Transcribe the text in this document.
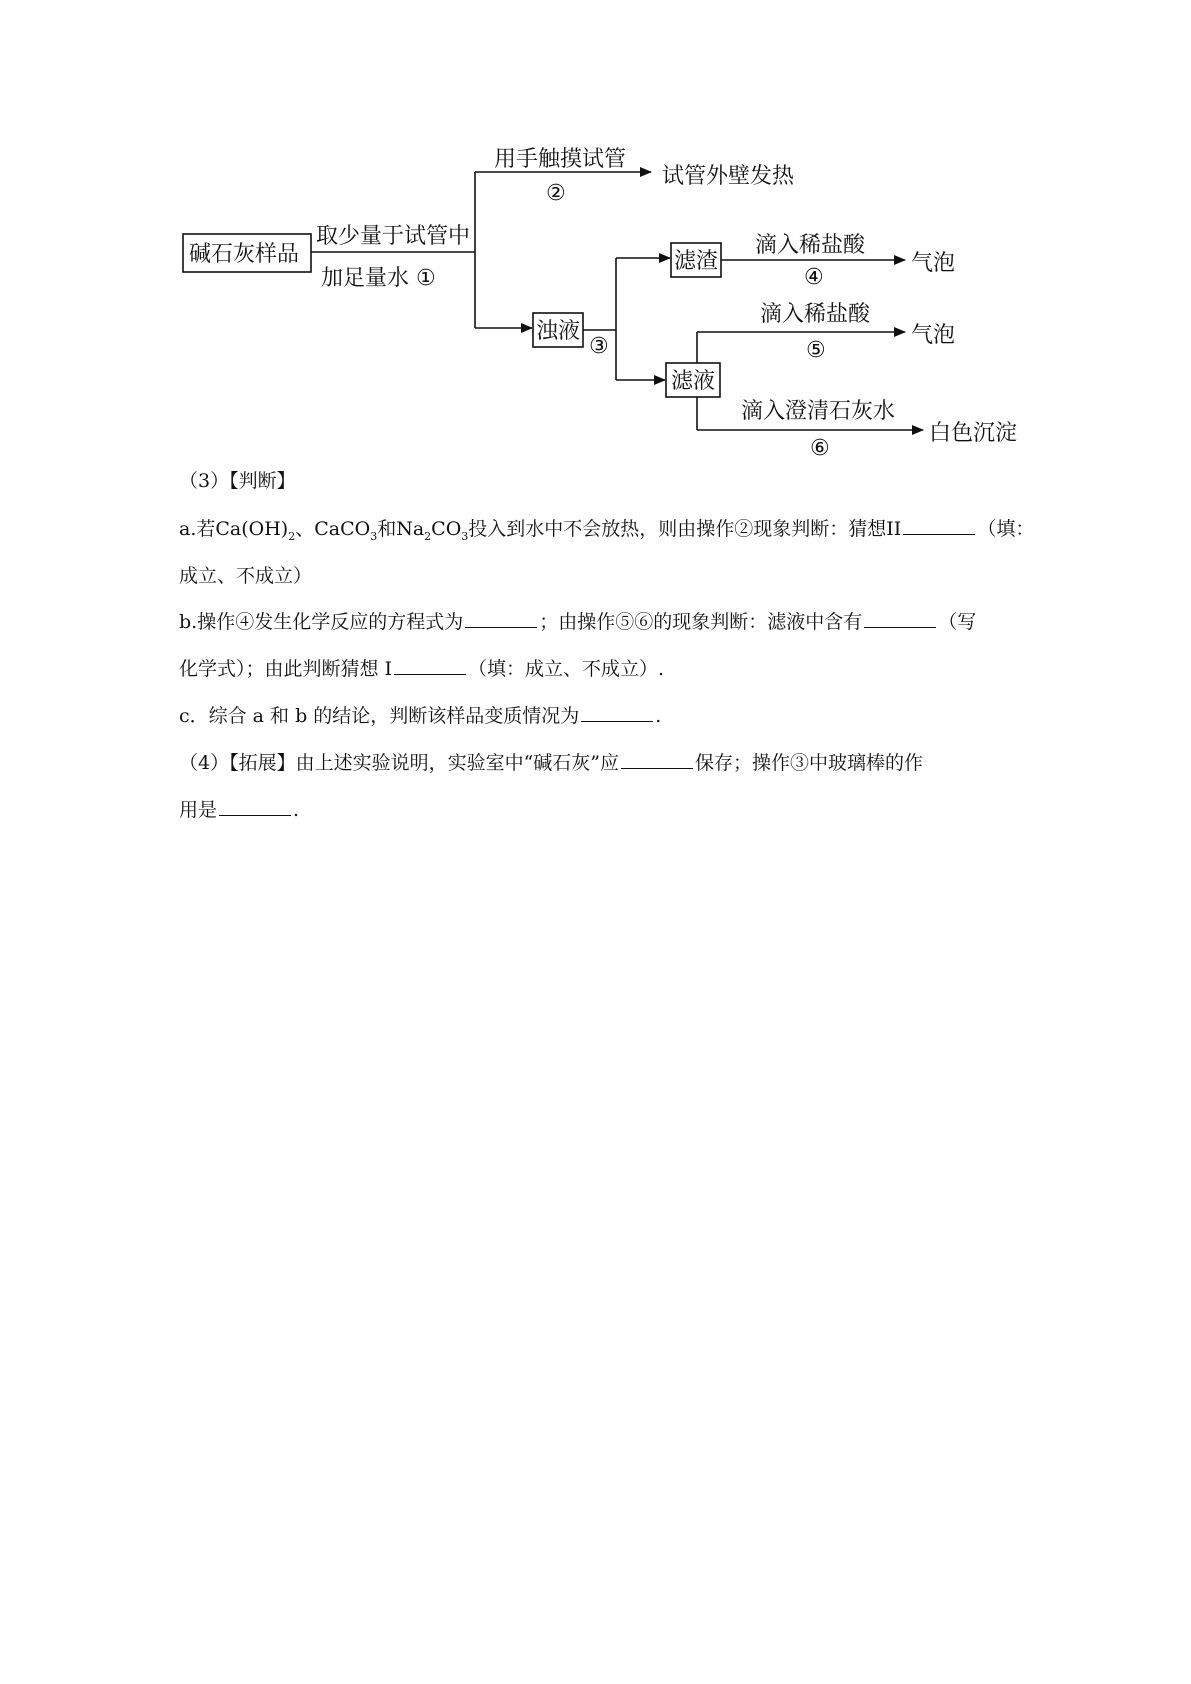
碱石灰样品
取少量于试管中
加足量水 ①
用手触摸试管
②
试管外壁发热
浊液
③
滤渣
滴入稀盐酸
④
气泡
滤液
滴入稀盐酸
⑤
气泡
滴入澄清石灰水
⑥
白色沉淀
（3）【判断】
a.若$Ca(OH)_2$、CaCO$_3$和$Na_2CO_3$投入到水中不会放热，则由操作②现象判断：猜想II	（填：
成立、不成立）
b.操作④发生化学反应的方程式为	；由操作⑤⑥的现象判断：滤液中含有	（写
化学式）；由此判断猜想 I	（填：成立、不成立）.
c．综合 a 和 b 的结论，判断该样品变质情况为	.
（4）【拓展】由上述实验说明，实验室中“碱石灰”应	保存；操作③中玻璃棒的作
用是	.
